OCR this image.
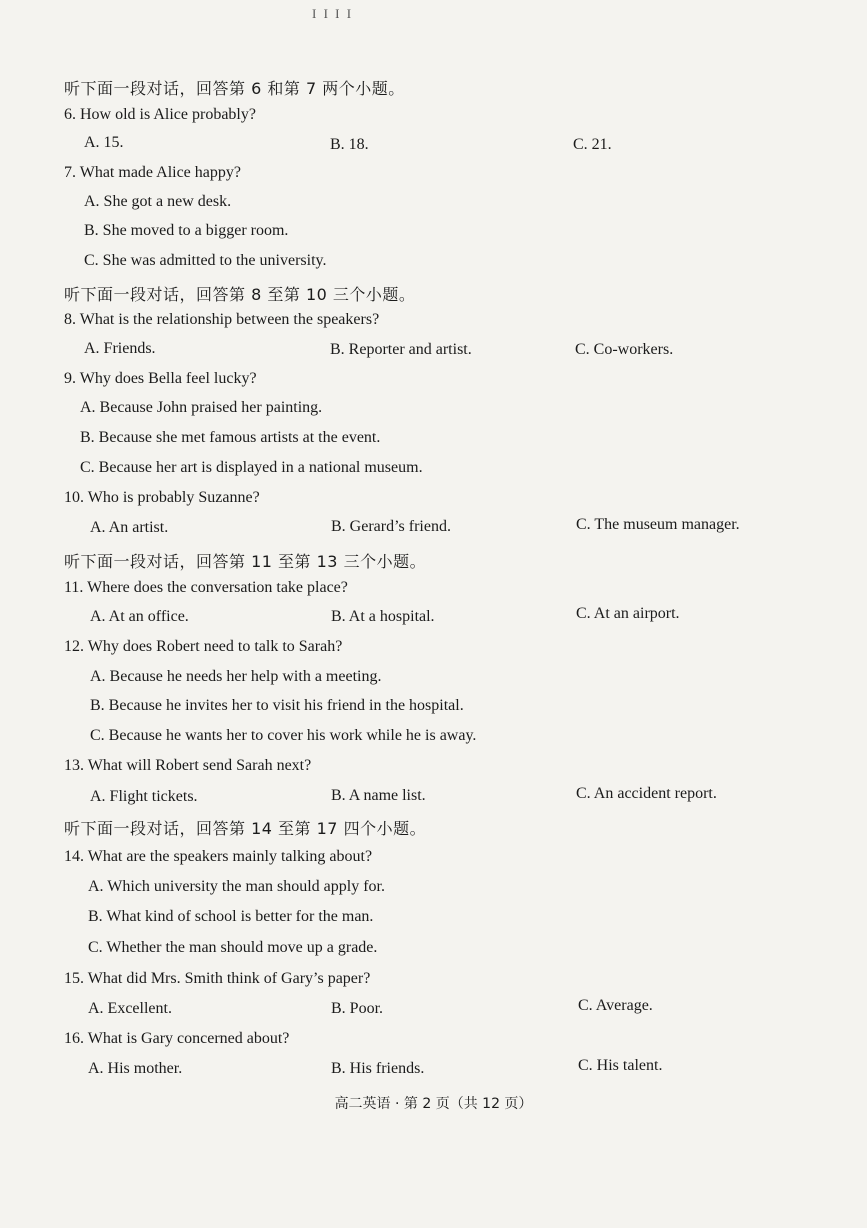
I I I I
听下面一段对话，回答第 6 和第 7 两个小题。
听下面一段对话，回答第 8 至第 10 三个小题。
听下面一段对话，回答第 11 至第 13 三个小题。
听下面一段对话，回答第 14 至第 17 四个小题。
6. How old is Alice probably?
A. 15.	B. 18.	C. 21.
7. What made Alice happy?
A. She got a new desk.
B. She moved to a bigger room.
C. She was admitted to the university.
8. What is the relationship between the speakers?
A. Friends.	B. Reporter and artist.	C. Co-workers.
9. Why does Bella feel lucky?
A. Because John praised her painting.
B. Because she met famous artists at the event.
C. Because her art is displayed in a national museum.
10. Who is probably Suzanne?
A. An artist.	B. Gerard’s friend.	C. The museum manager.
11. Where does the conversation take place?
A. At an office.	B. At a hospital.	C. At an airport.
12. Why does Robert need to talk to Sarah?
A. Because he needs her help with a meeting.
B. Because he invites her to visit his friend in the hospital.
C. Because he wants her to cover his work while he is away.
13. What will Robert send Sarah next?
A. Flight tickets.	B. A name list.	C. An accident report.
14. What are the speakers mainly talking about?
A. Which university the man should apply for.
B. What kind of school is better for the man.
C. Whether the man should move up a grade.
15. What did Mrs. Smith think of Gary’s paper?
A. Excellent.	B. Poor.	C. Average.
16. What is Gary concerned about?
A. His mother.	B. His friends.	C. His talent.
高二英语 · 第 2 页（共 12 页）
